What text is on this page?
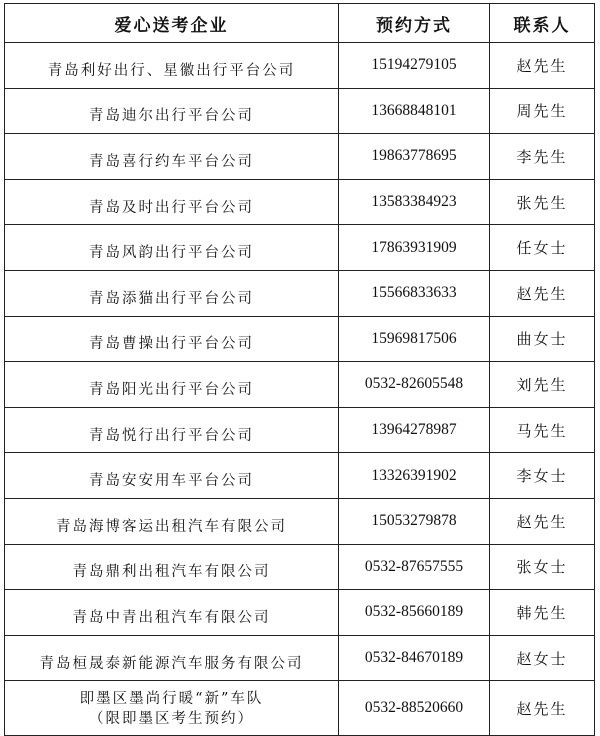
爱心送考企业	预约方式	联系人
青岛利好出行、星徽出行平台公司	15194279105	赵先生
青岛迪尔出行平台公司	13668848101	周先生
青岛喜行约车平台公司	19863778695	李先生
青岛及时出行平台公司	13583384923	张先生
青岛风韵出行平台公司	17863931909	任女士
青岛添猫出行平台公司	15566833633	赵先生
青岛曹操出行平台公司	15969817506	曲女士
青岛阳光出行平台公司	0532-82605548	刘先生
青岛悦行出行平台公司	13964278987	马先生
青岛安安用车平台公司	13326391902	李女士
青岛海博客运出租汽车有限公司	15053279878	赵先生
青岛鼎利出租汽车有限公司	0532-87657555	张女士
青岛中青出租汽车有限公司	0532-85660189	韩先生
青岛桓晟泰新能源汽车服务有限公司	0532-84670189	赵女士

即墨区墨尚行暖“新”车队
（限即墨区考生预约）	0532-88520660	赵先生
